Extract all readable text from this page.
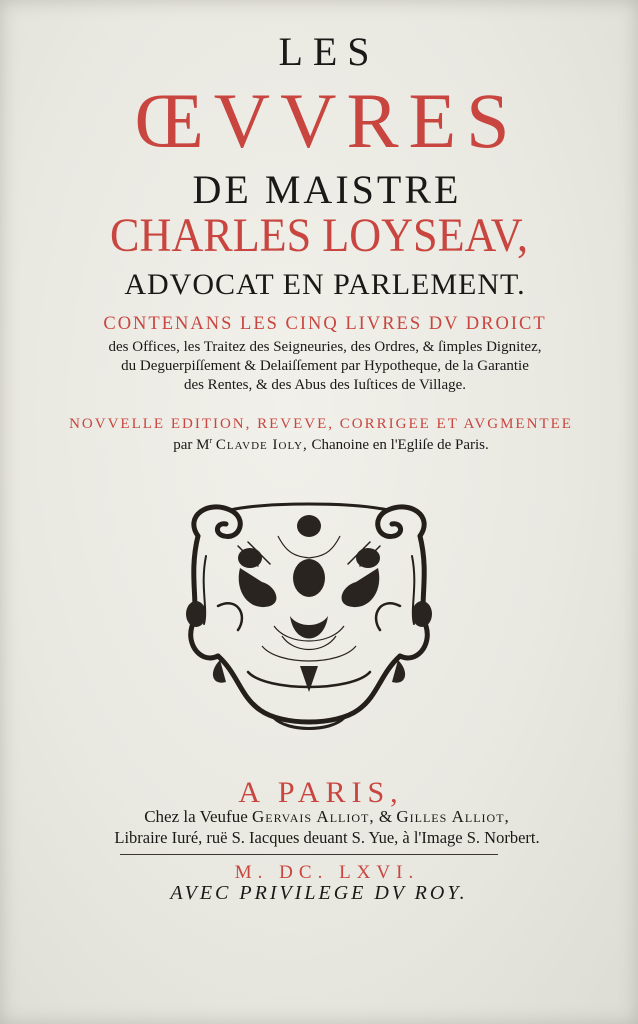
LES
ŒVVRES
DE MAISTRE
CHARLES LOYSEAV,
ADVOCAT EN PARLEMENT.
CONTENANS LES CINQ LIVRES DV DROICT
des Offices, les Traitez des Seigneuries, des Ordres, & ſimples Dignitez,
du Deguerpiſſement & Delaiſſement par Hypotheque, de la Garantie
des Rentes, & des Abus des Iuſtices de Village.
NOVVELLE EDITION, REVEVE, CORRIGEE ET AVGMENTEE
par $M^r$ Clavde Ioly, Chanoine en l'Egliſe de Paris.
A PARIS,
Chez la Veufue Gervais Alliot, & Gilles Alliot,
Libraire Iuré, ruë S. Iacques deuant S. Yue, à l'Image S. Norbert.
M. DC. LXVI.
AVEC PRIVILEGE DV ROY.
